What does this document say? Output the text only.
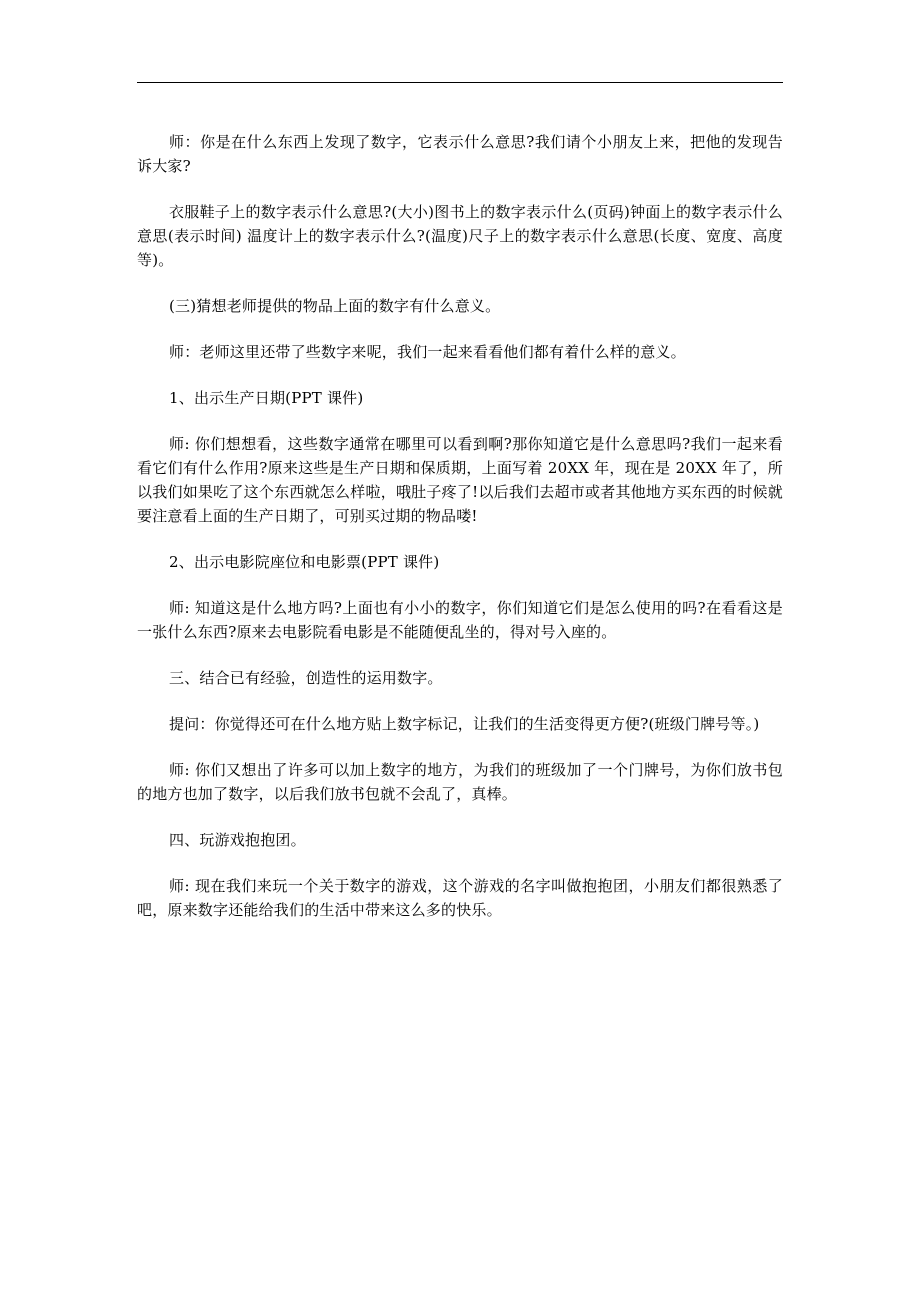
师：你是在什么东西上发现了数字，它表示什么意思?我们请个小朋友上来，把他的发现告诉大家?

衣服鞋子上的数字表示什么意思?(大小)图书上的数字表示什么(页码)钟面上的数字表示什么意思(表示时间) 温度计上的数字表示什么?(温度)尺子上的数字表示什么意思(长度、宽度、高度等)。

(三)猜想老师提供的物品上面的数字有什么意义。

师：老师这里还带了些数字来呢，我们一起来看看他们都有着什么样的意义。

1、出示生产日期(PPT 课件)

师: 你们想想看，这些数字通常在哪里可以看到啊?那你知道它是什么意思吗?我们一起来看看它们有什么作用?原来这些是生产日期和保质期，上面写着 20XX 年，现在是 20XX 年了，所以我们如果吃了这个东西就怎么样啦，哦肚子疼了!以后我们去超市或者其他地方买东西的时候就要注意看上面的生产日期了，可别买过期的物品喽!

2、出示电影院座位和电影票(PPT 课件)

师: 知道这是什么地方吗?上面也有小小的数字，你们知道它们是怎么使用的吗?在看看这是一张什么东西?原来去电影院看电影是不能随便乱坐的，得对号入座的。

三、结合已有经验，创造性的运用数字。

提问：你觉得还可在什么地方贴上数字标记，让我们的生活变得更方便?(班级门牌号等。)

师: 你们又想出了许多可以加上数字的地方，为我们的班级加了一个门牌号，为你们放书包的地方也加了数字，以后我们放书包就不会乱了，真棒。

四、玩游戏抱抱团。

师: 现在我们来玩一个关于数字的游戏，这个游戏的名字叫做抱抱团，小朋友们都很熟悉了吧，原来数字还能给我们的生活中带来这么多的快乐。
